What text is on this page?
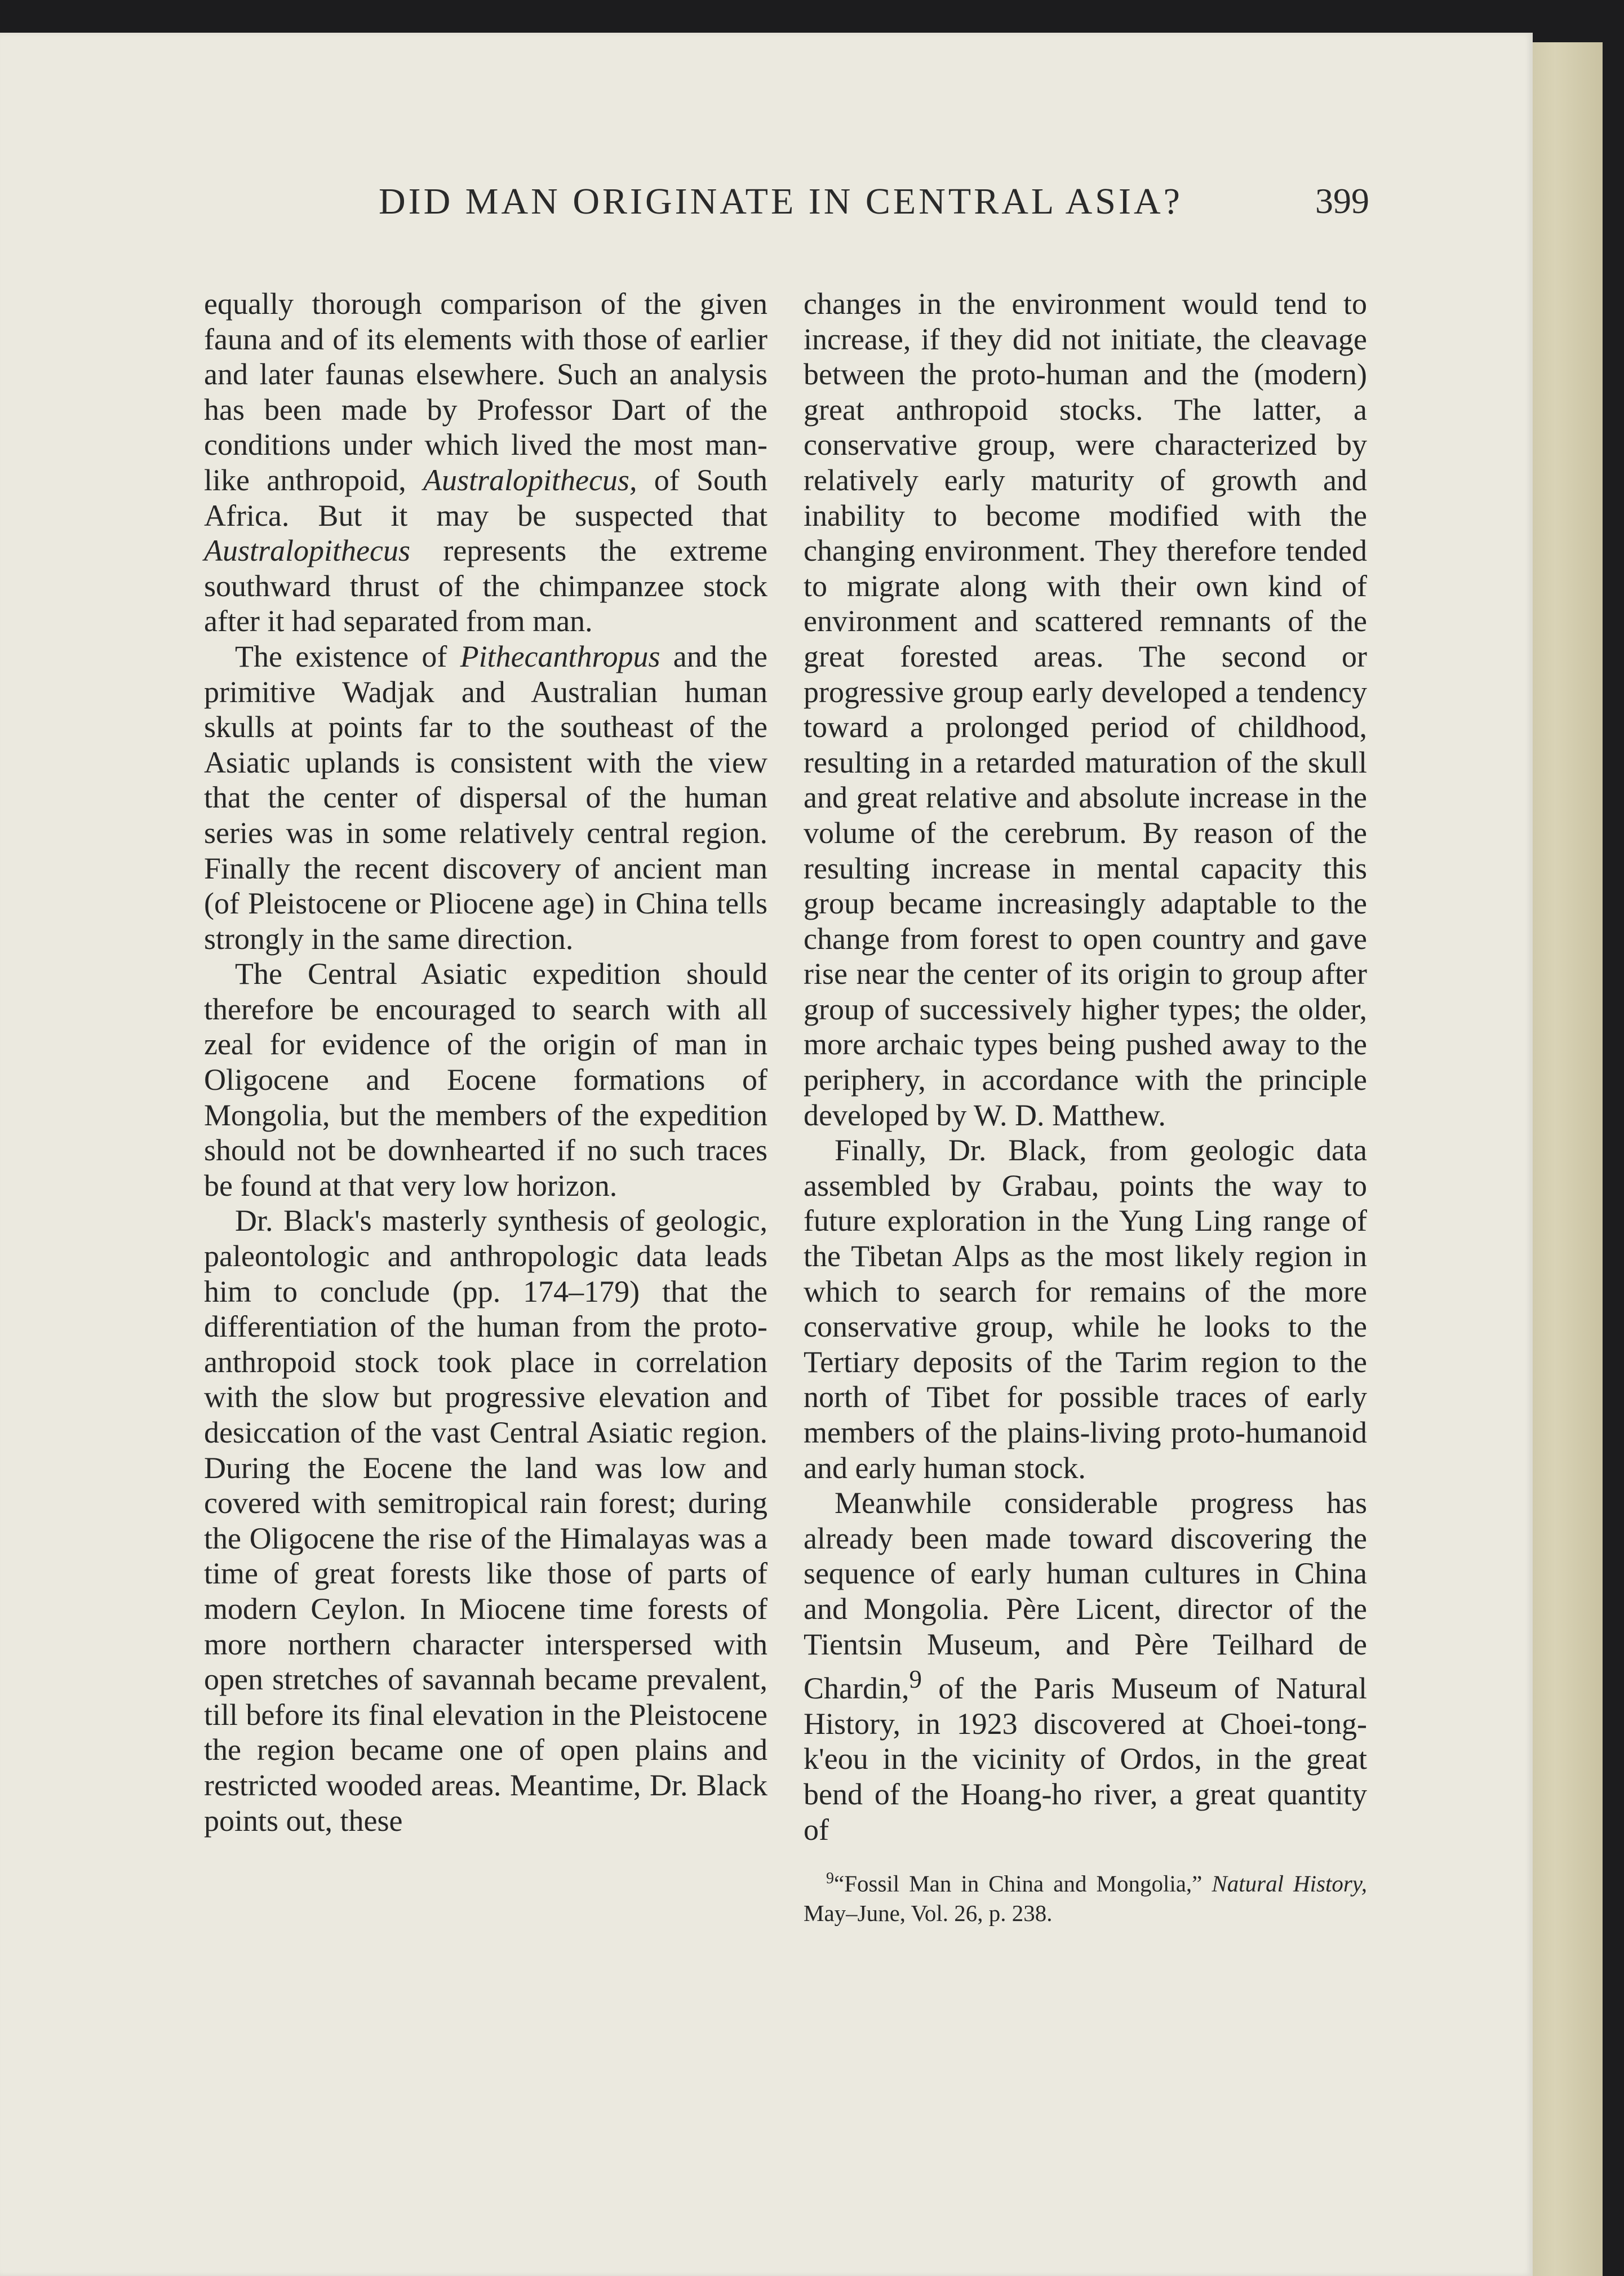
DID MAN ORIGINATE IN CENTRAL ASIA?	399

equally thorough comparison of the given fauna and of its elements with those of earlier and later faunas elsewhere. Such an analysis has been made by Professor Dart of the conditions under which lived the most man-like anthropoid, Australopithecus, of South Africa. But it may be suspected that Australopithecus represents the extreme southward thrust of the chimpanzee stock after it had separated from man.

The existence of Pithecanthropus and the primitive Wadjak and Australian human skulls at points far to the southeast of the Asiatic uplands is consistent with the view that the center of dispersal of the human series was in some relatively central region. Finally the recent discovery of ancient man (of Pleistocene or Pliocene age) in China tells strongly in the same direction.

The Central Asiatic expedition should therefore be encouraged to search with all zeal for evidence of the origin of man in Oligocene and Eocene formations of Mongolia, but the members of the expedition should not be downhearted if no such traces be found at that very low horizon.

Dr. Black's masterly synthesis of geologic, paleontologic and anthropologic data leads him to conclude (pp. 174–179) that the differentiation of the human from the proto-anthropoid stock took place in correlation with the slow but progressive elevation and desiccation of the vast Central Asiatic region. During the Eocene the land was low and covered with semitropical rain forest; during the Oligocene the rise of the Himalayas was a time of great forests like those of parts of modern Ceylon. In Miocene time forests of more northern character interspersed with open stretches of savannah became prevalent, till before its final elevation in the Pleistocene the region became one of open plains and restricted wooded areas. Meantime, Dr. Black points out, these

changes in the environment would tend to increase, if they did not initiate, the cleavage between the proto-human and the (modern) great anthropoid stocks. The latter, a conservative group, were characterized by relatively early maturity of growth and inability to become modified with the changing environment. They therefore tended to migrate along with their own kind of environment and scattered remnants of the great forested areas. The second or progressive group early developed a tendency toward a prolonged period of childhood, resulting in a retarded maturation of the skull and great relative and absolute increase in the volume of the cerebrum. By reason of the resulting increase in mental capacity this group became increasingly adaptable to the change from forest to open country and gave rise near the center of its origin to group after group of successively higher types; the older, more archaic types being pushed away to the periphery, in accordance with the principle developed by W. D. Matthew.

Finally, Dr. Black, from geologic data assembled by Grabau, points the way to future exploration in the Yung Ling range of the Tibetan Alps as the most likely region in which to search for remains of the more conservative group, while he looks to the Tertiary deposits of the Tarim region to the north of Tibet for possible traces of early members of the plains-living proto-humanoid and early human stock.

Meanwhile considerable progress has already been made toward discovering the sequence of early human cultures in China and Mongolia. Père Licent, director of the Tientsin Museum, and Père Teilhard de Chardin,$^9$ of the Paris Museum of Natural History, in 1923 discovered at Choei-tong-k'eou in the vicinity of Ordos, in the great bend of the Hoang-ho river, a great quantity of

$^9$“Fossil Man in China and Mongolia,” Natural History, May–June, Vol. 26, p. 238.
